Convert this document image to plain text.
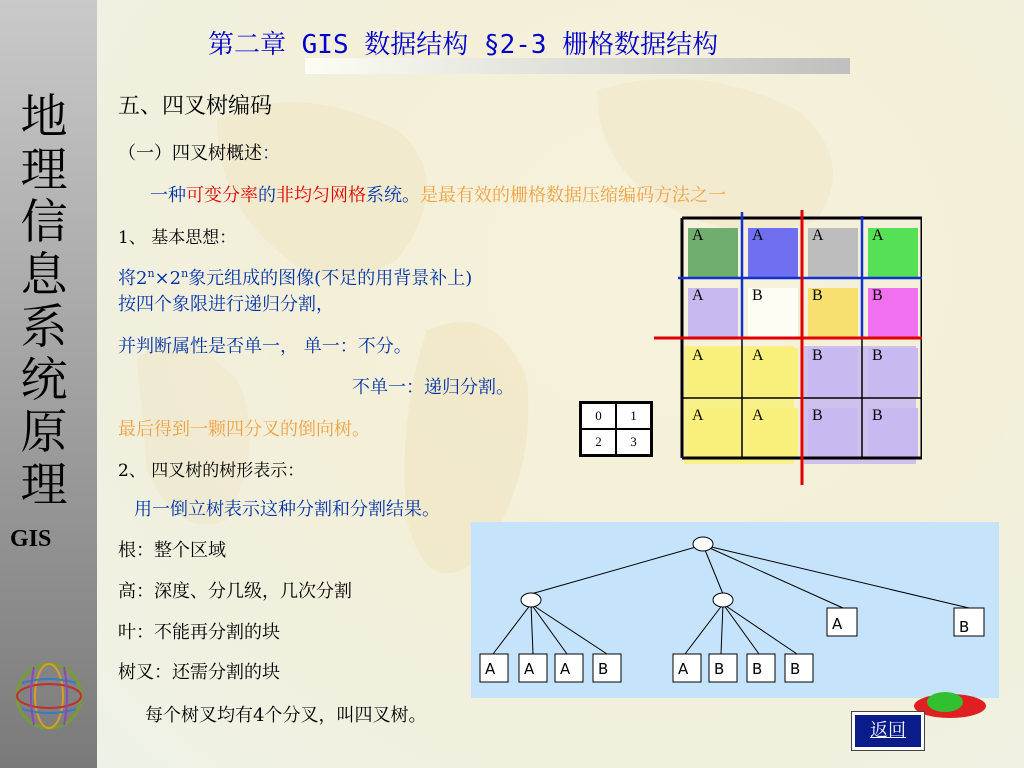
地
理
信
息
系
统
原
理
GIS
第二章 GIS 数据结构 §2-3 栅格数据结构
五、四叉树编码
（一）四叉树概述：
一种可变分率的非均匀网格系统。是最有效的栅格数据压缩编码方法之一
1、 基本思想：
将$2^n\times 2^n$象元组成的图像(不足的用背景补上)
按四个象限进行递归分割，
并判断属性是否单一， 单一：不分。
不单一：递归分割。
最后得到一颗四分叉的倒向树。
2、 四叉树的树形表示：
用一倒立树表示这种分割和分割结果。
根：整个区域
高：深度、分几级，几次分割
叶：不能再分割的块
树叉：还需分割的块
每个树叉均有4个分叉，叫四叉树。
A	A	A	A
A	B	B	B
A	A	B	B
A	A	B	B
0	1
2	3
A	B
A A A B	A B B B
返回
